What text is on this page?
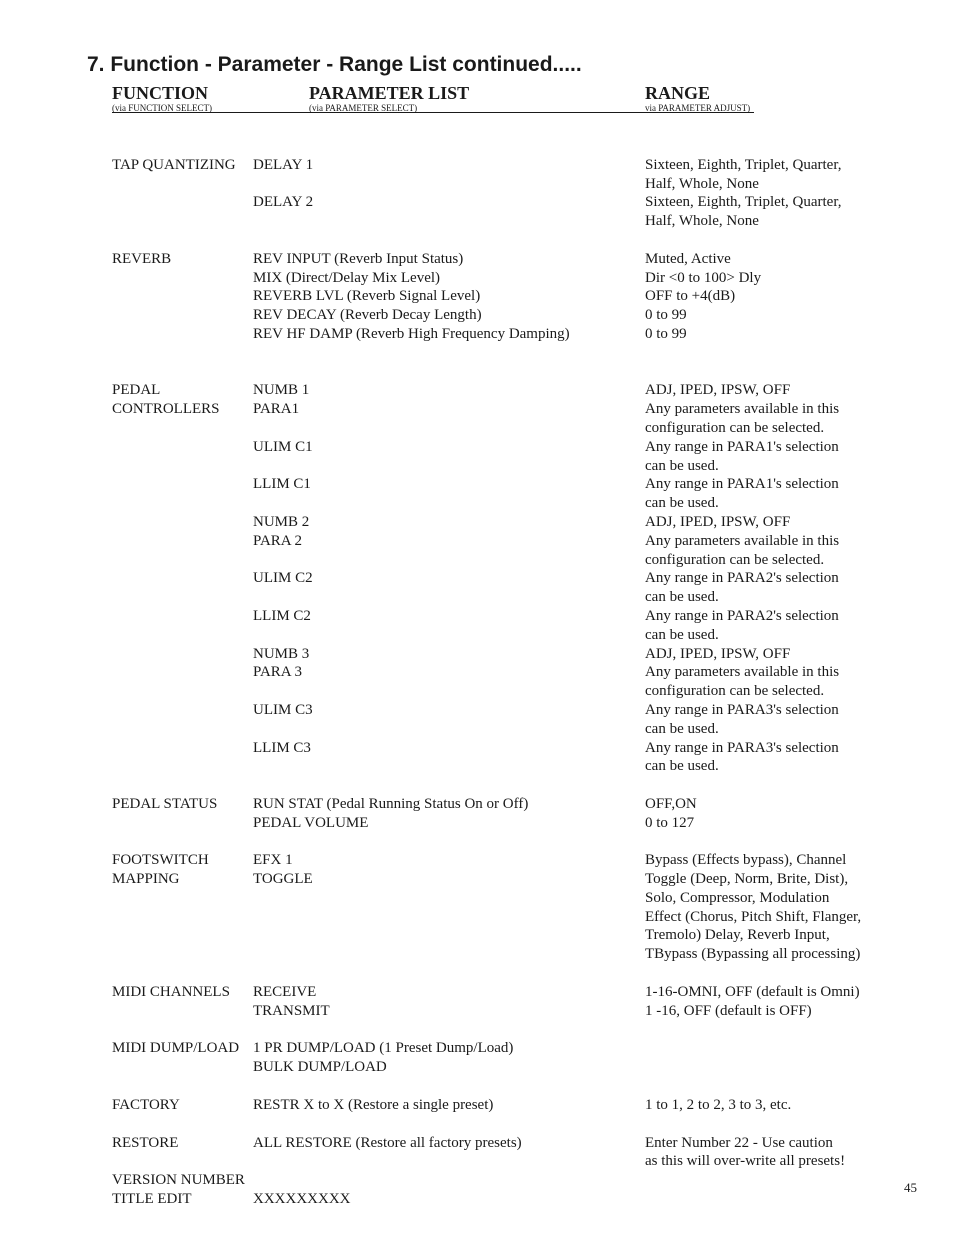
7. Function - Parameter - Range List continued.....
FUNCTION
(via FUNCTION SELECT)
PARAMETER LIST
(via PARAMETER SELECT)
RANGE
via PARAMETER ADJUST)
TAP QUANTIZING	DELAY 1	Sixteen, Eighth, Triplet, Quarter,
Half, Whole, None
DELAY 2	Sixteen, Eighth, Triplet, Quarter,
Half, Whole, None
REVERB	REV INPUT (Reverb Input Status)	Muted, Active
MIX (Direct/Delay Mix Level)	Dir <0 to 100> Dly
REVERB LVL (Reverb Signal Level)	OFF to +4(dB)
REV DECAY (Reverb Decay Length)	0 to 99
REV HF DAMP (Reverb High Frequency Damping)	0 to 99
PEDAL	NUMB 1	ADJ, IPED, IPSW, OFF
CONTROLLERS	PARA1	Any parameters available in this
configuration can be selected.
ULIM C1	Any range in PARA1's selection
can be used.
LLIM C1	Any range in PARA1's selection
can be used.
NUMB 2	ADJ, IPED, IPSW, OFF
PARA 2	Any parameters available in this
configuration can be selected.
ULIM C2	Any range in PARA2's selection
can be used.
LLIM C2	Any range in PARA2's selection
can be used.
NUMB 3	ADJ, IPED, IPSW, OFF
PARA 3	Any parameters available in this
configuration can be selected.
ULIM C3	Any range in PARA3's selection
can be used.
LLIM C3	Any range in PARA3's selection
can be used.
PEDAL STATUS	RUN STAT (Pedal Running Status On or Off)	OFF,ON
PEDAL VOLUME	0 to 127
FOOTSWITCH	EFX 1	Bypass (Effects bypass), Channel
MAPPING	TOGGLE	Toggle (Deep, Norm, Brite, Dist),
Solo, Compressor, Modulation
Effect (Chorus, Pitch Shift, Flanger,
Tremolo) Delay, Reverb Input,
TBypass (Bypassing all processing)
MIDI CHANNELS	RECEIVE	1-16-OMNI, OFF (default is Omni)
TRANSMIT	1 -16, OFF (default is OFF)
MIDI DUMP/LOAD 1 PR DUMP/LOAD (1 Preset Dump/Load)
BULK DUMP/LOAD
FACTORY	RESTR X to X (Restore a single preset)	1 to 1, 2 to 2, 3 to 3, etc.
RESTORE	ALL RESTORE (Restore all factory presets)	Enter Number 22 - Use caution
as this will over-write all presets!
VERSION NUMBER
TITLE EDIT	XXXXXXXXX
45
